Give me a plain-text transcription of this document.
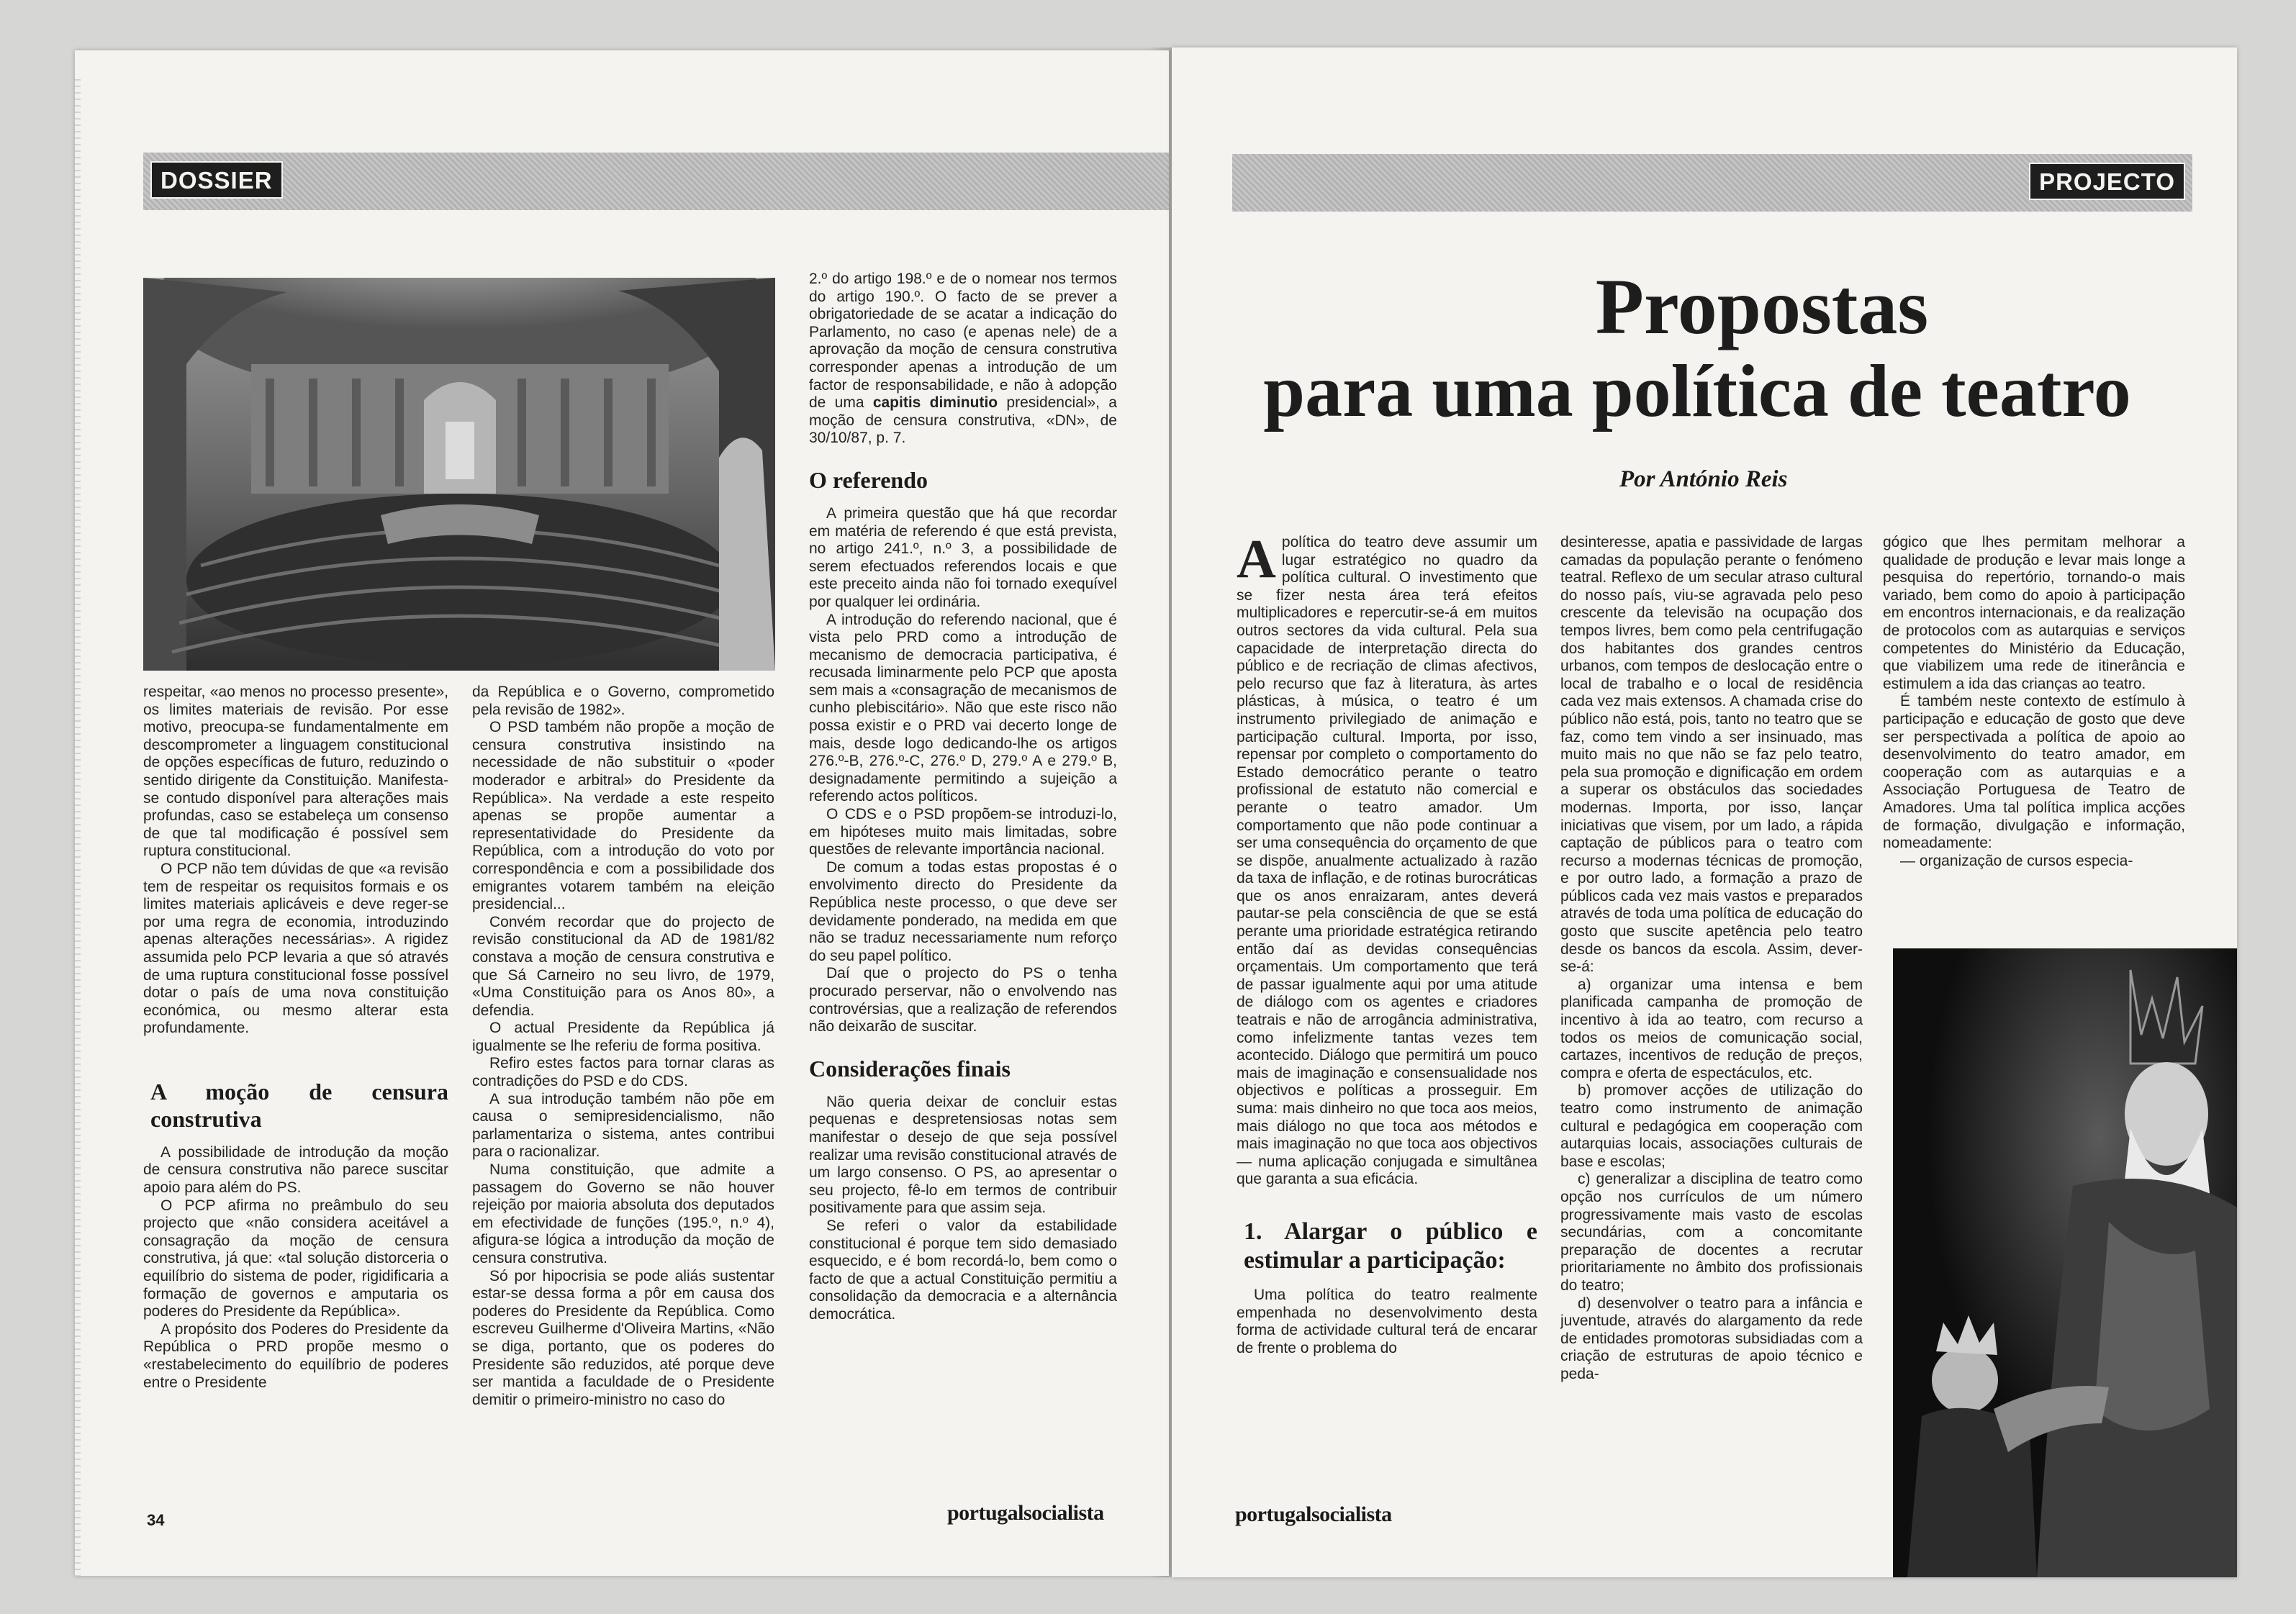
DOSSIER

respeitar, «ao menos no processo presente», os limites materiais de revisão. Por esse motivo, preocupa-se fundamentalmente em descomprometer a linguagem constitucional de opções específicas de futuro, reduzindo o sentido dirigente da Constituição. Manifesta-se contudo disponível para alterações mais profundas, caso se estabeleça um consenso de que tal modificação é possível sem ruptura constitucional.

O PCP não tem dúvidas de que «a revisão tem de respeitar os requisitos formais e os limites materiais aplicáveis e deve reger-se por uma regra de economia, introduzindo apenas alterações necessárias». A rigidez assumida pelo PCP levaria a que só através de uma ruptura constitucional fosse possível dotar o país de uma nova constituição económica, ou mesmo alterar esta profundamente.

A moção de censura construtiva

A possibilidade de introdução da moção de censura construtiva não parece suscitar apoio para além do PS.

O PCP afirma no preâmbulo do seu projecto que «não considera aceitável a consagração da moção de censura construtiva, já que: «tal solução distorceria o equilíbrio do sistema de poder, rigidificaria a formação de governos e amputaria os poderes do Presidente da República».

A propósito dos Poderes do Presidente da República o PRD propõe mesmo o «restabelecimento do equilíbrio de poderes entre o Presidente

da República e o Governo, comprometido pela revisão de 1982».

O PSD também não propõe a moção de censura construtiva insistindo na necessidade de não substituir o «poder moderador e arbitral» do Presidente da República». Na verdade a este respeito apenas se propõe aumentar a representatividade do Presidente da República, com a introdução do voto por correspondência e com a possibilidade dos emigrantes votarem também na eleição presidencial...

Convém recordar que do projecto de revisão constitucional da AD de 1981/82 constava a moção de censura construtiva e que Sá Carneiro no seu livro, de 1979, «Uma Constituição para os Anos 80», a defendia.

O actual Presidente da República já igualmente se lhe referiu de forma positiva.

Refiro estes factos para tornar claras as contradições do PSD e do CDS.

A sua introdução também não põe em causa o semipresidencialismo, não parlamentariza o sistema, antes contribui para o racionalizar.

Numa constituição, que admite a passagem do Governo se não houver rejeição por maioria absoluta dos deputados em efectividade de funções (195.º, n.º 4), afigura-se lógica a introdução da moção de censura construtiva.

Só por hipocrisia se pode aliás sustentar estar-se dessa forma a pôr em causa dos poderes do Presidente da República. Como escreveu Guilherme d'Oliveira Martins, «Não se diga, portanto, que os poderes do Presidente são reduzidos, até porque deve ser mantida a faculdade de o Presidente demitir o primeiro-ministro no caso do

2.º do artigo 198.º e de o nomear nos termos do artigo 190.º. O facto de se prever a obrigatoriedade de se acatar a indicação do Parlamento, no caso (e apenas nele) de a aprovação da moção de censura construtiva corresponder apenas a introdução de um factor de responsabilidade, e não à adopção de uma capitis diminutio presidencial», a moção de censura construtiva, «DN», de 30/10/87, p. 7.

O referendo

A primeira questão que há que recordar em matéria de referendo é que está prevista, no artigo 241.º, n.º 3, a possibilidade de serem efectuados referendos locais e que este preceito ainda não foi tornado exequível por qualquer lei ordinária.

A introdução do referendo nacional, que é vista pelo PRD como a introdução de mecanismo de democracia participativa, é recusada liminarmente pelo PCP que aposta sem mais a «consagração de mecanismos de cunho plebiscitário». Não que este risco não possa existir e o PRD vai decerto longe de mais, desde logo dedicando-lhe os artigos 276.º-B, 276.º-C, 276.º D, 279.º A e 279.º B, designadamente permitindo a sujeição a referendo actos políticos.

O CDS e o PSD propõem-se introduzi-lo, em hipóteses muito mais limitadas, sobre questões de relevante importância nacional.

De comum a todas estas propostas é o envolvimento directo do Presidente da República neste processo, o que deve ser devidamente ponderado, na medida em que não se traduz necessariamente num reforço do seu papel político.

Daí que o projecto do PS o tenha procurado perservar, não o envolvendo nas controvérsias, que a realização de referendos não deixarão de suscitar.

Considerações finais

Não queria deixar de concluir estas pequenas e despretensiosas notas sem manifestar o desejo de que seja possível realizar uma revisão constitucional através de um largo consenso. O PS, ao apresentar o seu projecto, fê-lo em termos de contribuir positivamente para que assim seja.

Se referi o valor da estabilidade constitucional é porque tem sido demasiado esquecido, e é bom recordá-lo, bem como o facto de que a actual Constituição permitiu a consolidação da democracia e a alternância democrática.

34	portugalsocialista
PROJECTO
Propostas
para uma política de teatro
Por António Reis

Apolítica do teatro deve assumir um lugar estratégico no quadro da política cultural. O investimento que se fizer nesta área terá efeitos multiplicadores e repercutir-se-á em muitos outros sectores da vida cultural. Pela sua capacidade de interpretação directa do público e de recriação de climas afectivos, pelo recurso que faz à literatura, às artes plásticas, à música, o teatro é um instrumento privilegiado de animação e participação cultural. Importa, por isso, repensar por completo o comportamento do Estado democrático perante o teatro profissional de estatuto não comercial e perante o teatro amador. Um comportamento que não pode continuar a ser uma consequência do orçamento de que se dispõe, anualmente actualizado à razão da taxa de inflação, e de rotinas burocráticas que os anos enraizaram, antes deverá pautar-se pela consciência de que se está perante uma prioridade estratégica retirando então daí as devidas consequências orçamentais. Um comportamento que terá de passar igualmente aqui por uma atitude de diálogo com os agentes e criadores teatrais e não de arrogância administrativa, como infelizmente tantas vezes tem acontecido. Diálogo que permitirá um pouco mais de imaginação e consensualidade nos objectivos e políticas a prosseguir. Em suma: mais dinheiro no que toca aos meios, mais diálogo no que toca aos métodos e mais imaginação no que toca aos objectivos — numa aplicação conjugada e simultânea que garanta a sua eficácia.

1. Alargar o público e estimular a participação:

Uma política do teatro realmente empenhada no desenvolvimento desta forma de actividade cultural terá de encarar de frente o problema do

desinteresse, apatia e passividade de largas camadas da população perante o fenómeno teatral. Reflexo de um secular atraso cultural do nosso país, viu-se agravada pelo peso crescente da televisão na ocupação dos tempos livres, bem como pela centrifugação dos habitantes dos grandes centros urbanos, com tempos de deslocação entre o local de trabalho e o local de residência cada vez mais extensos. A chamada crise do público não está, pois, tanto no teatro que se faz, como tem vindo a ser insinuado, mas muito mais no que não se faz pelo teatro, pela sua promoção e dignificação em ordem a superar os obstáculos das sociedades modernas. Importa, por isso, lançar iniciativas que visem, por um lado, a rápida captação de públicos para o teatro com recurso a modernas técnicas de promoção, e por outro lado, a formação a prazo de públicos cada vez mais vastos e preparados através de toda uma política de educação do gosto que suscite apetência pelo teatro desde os bancos da escola. Assim, dever-se-á:

a) organizar uma intensa e bem planificada campanha de promoção de incentivo à ida ao teatro, com recurso a todos os meios de comunicação social, cartazes, incentivos de redução de preços, compra e oferta de espectáculos, etc.

b) promover acções de utilização do teatro como instrumento de animação cultural e pedagógica em cooperação com autarquias locais, associações culturais de base e escolas;

c) generalizar a disciplina de teatro como opção nos currículos de um número progressivamente mais vasto de escolas secundárias, com a concomitante preparação de docentes a recrutar prioritariamente no âmbito dos profissionais do teatro;

d) desenvolver o teatro para a infância e juventude, através do alargamento da rede de entidades promotoras subsidiadas com a criação de estruturas de apoio técnico e peda-

gógico que lhes permitam melhorar a qualidade de produção e levar mais longe a pesquisa do repertório, tornando-o mais variado, bem como do apoio à participação em encontros internacionais, e da realização de protocolos com as autarquias e serviços competentes do Ministério da Educação, que viabilizem uma rede de itinerância e estimulem a ida das crianças ao teatro.

É também neste contexto de estímulo à participação e educação de gosto que deve ser perspectivada a política de apoio ao desenvolvimento do teatro amador, em cooperação com as autarquias e a Associação Portuguesa de Teatro de Amadores. Uma tal política implica acções de formação, divulgação e informação, nomeadamente:

— organização de cursos especia-

portugalsocialista
